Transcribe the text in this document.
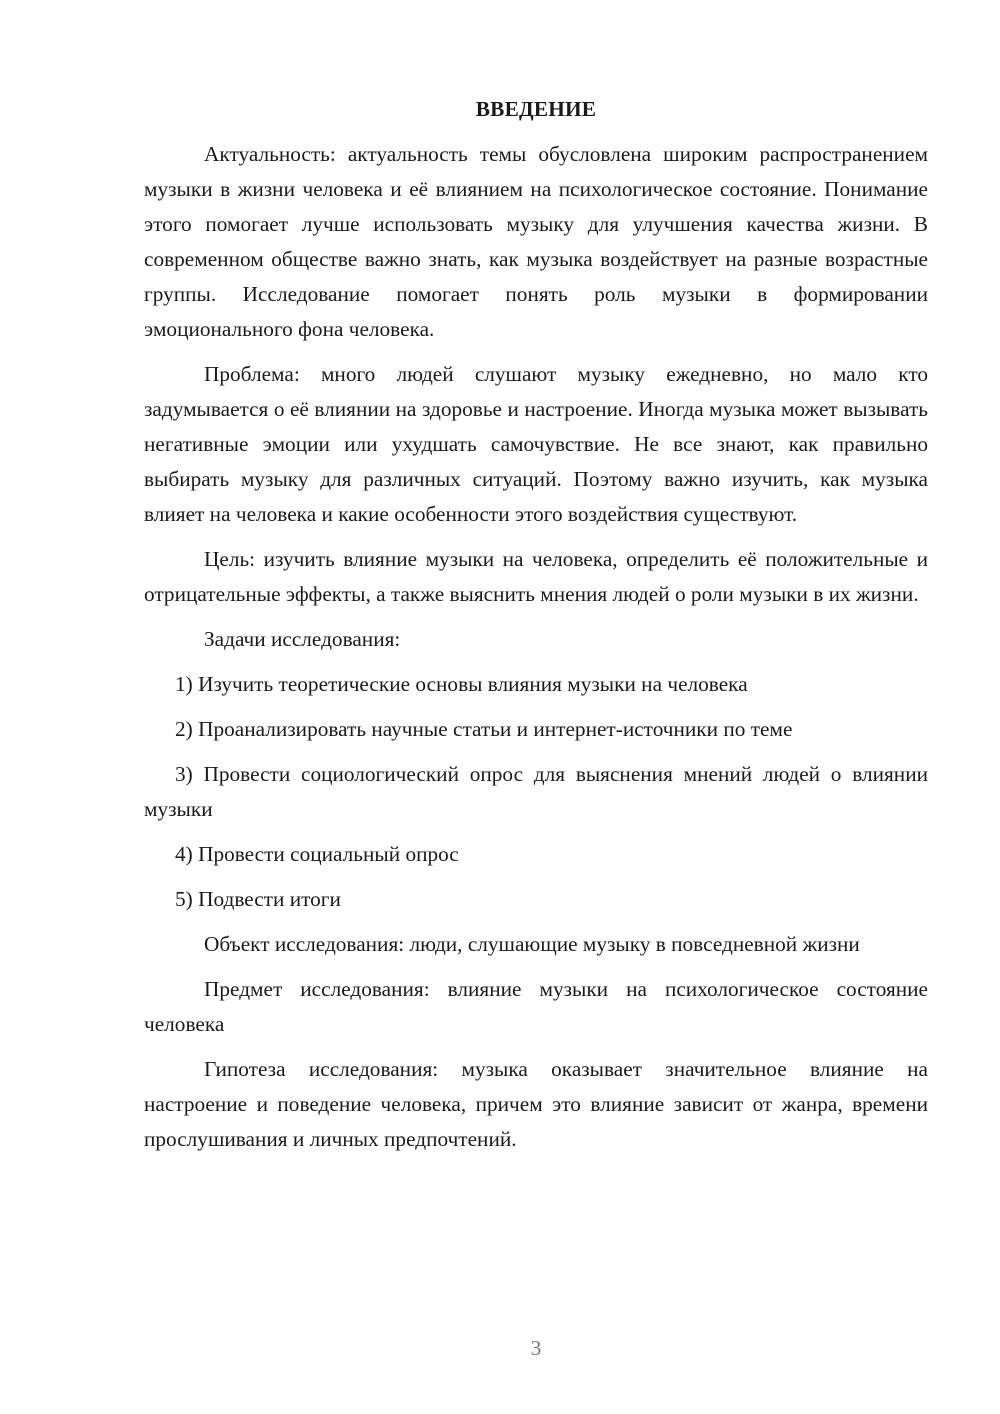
ВВЕДЕНИЕ

Актуальность: актуальность темы обусловлена широким распространением музыки в жизни человека и её влиянием на психологическое состояние. Понимание этого помогает лучше использовать музыку для улучшения качества жизни. В современном обществе важно знать, как музыка воздействует на разные возрастные группы. Исследование помогает понять роль музыки в формировании эмоционального фона человека.

Проблема: много людей слушают музыку ежедневно, но мало кто задумывается о её влиянии на здоровье и настроение. Иногда музыка может вызывать негативные эмоции или ухудшать самочувствие. Не все знают, как правильно выбирать музыку для различных ситуаций. Поэтому важно изучить, как музыка влияет на человека и какие особенности этого воздействия существуют.

Цель: изучить влияние музыки на человека, определить её положительные и отрицательные эффекты, а также выяснить мнения людей о роли музыки в их жизни.

Задачи исследования:

1) Изучить теоретические основы влияния музыки на человека

2) Проанализировать научные статьи и интернет-источники по теме

3) Провести социологический опрос для выяснения мнений людей о влиянии музыки

4) Провести социальный опрос

5) Подвести итоги

Объект исследования: люди, слушающие музыку в повседневной жизни

Предмет исследования: влияние музыки на психологическое состояние человека

Гипотеза исследования: музыка оказывает значительное влияние на настроение и поведение человека, причем это влияние зависит от жанра, времени прослушивания и личных предпочтений.

3
